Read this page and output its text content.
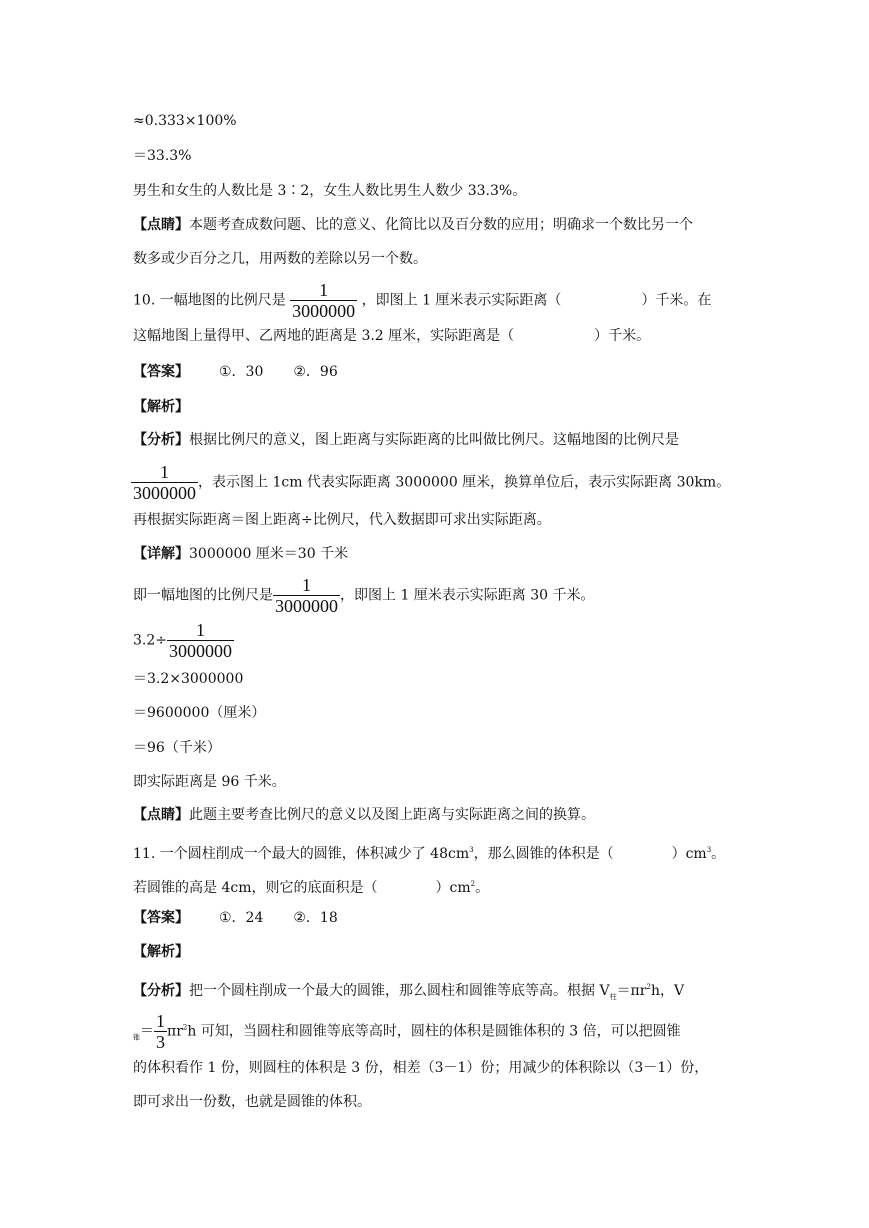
≈0.333×100%
＝33.3%
男生和女生的人数比是 3∶2，女生人数比男生人数少 33.3%。
【点睛】本题考查成数问题、比的意义、化简比以及百分数的应用；明确求一个数比另一个
数多或少百分之几，用两数的差除以另一个数。
10. 一幅地图的比例尺是 $\frac{1}{3000000}$ ，即图上 1 厘米表示实际距离（	）千米。在
这幅地图上量得甲、乙两地的距离是 3.2 厘米，实际距离是（	）千米。
【答案】 ①．30 ②．96
【解析】
【分析】根据比例尺的意义，图上距离与实际距离的比叫做比例尺。这幅地图的比例尺是
$\frac{1}{3000000}$ ，表示图上 1cm 代表实际距离 3000000 厘米，换算单位后，表示实际距离 30km。
再根据实际距离＝图上距离÷比例尺，代入数据即可求出实际距离。
【详解】3000000 厘米＝30 千米
即一幅地图的比例尺是 $\frac{1}{3000000}$ ，即图上 1 厘米表示实际距离 30 千米。
$3.2\div \frac{1}{3000000}$
＝3.2×3000000
＝9600000（厘米）
＝96（千米）
即实际距离是 96 千米。
【点睛】此题主要考查比例尺的意义以及图上距离与实际距离之间的换算。
11. 一个圆柱削成一个最大的圆锥，体积减少了 $48cm^3$，那么圆锥的体积是（	）$cm^3$。
若圆锥的高是 4cm，则它的底面积是（	）$cm^2$。
【答案】 ①．24 ②．18
【解析】
【分析】把一个圆柱削成一个最大的圆锥，那么圆柱和圆锥等底等高。根据 $V_柱=\pi r^2h$，V
$_锥= \frac{1}{3} \pi r^2h$ 可知，当圆柱和圆锥等底等高时，圆柱的体积是圆锥体积的 3 倍，可以把圆锥
的体积看作 1 份，则圆柱的体积是 3 份，相差（3－1）份；用减少的体积除以（3－1）份，
即可求出一份数，也就是圆锥的体积。
